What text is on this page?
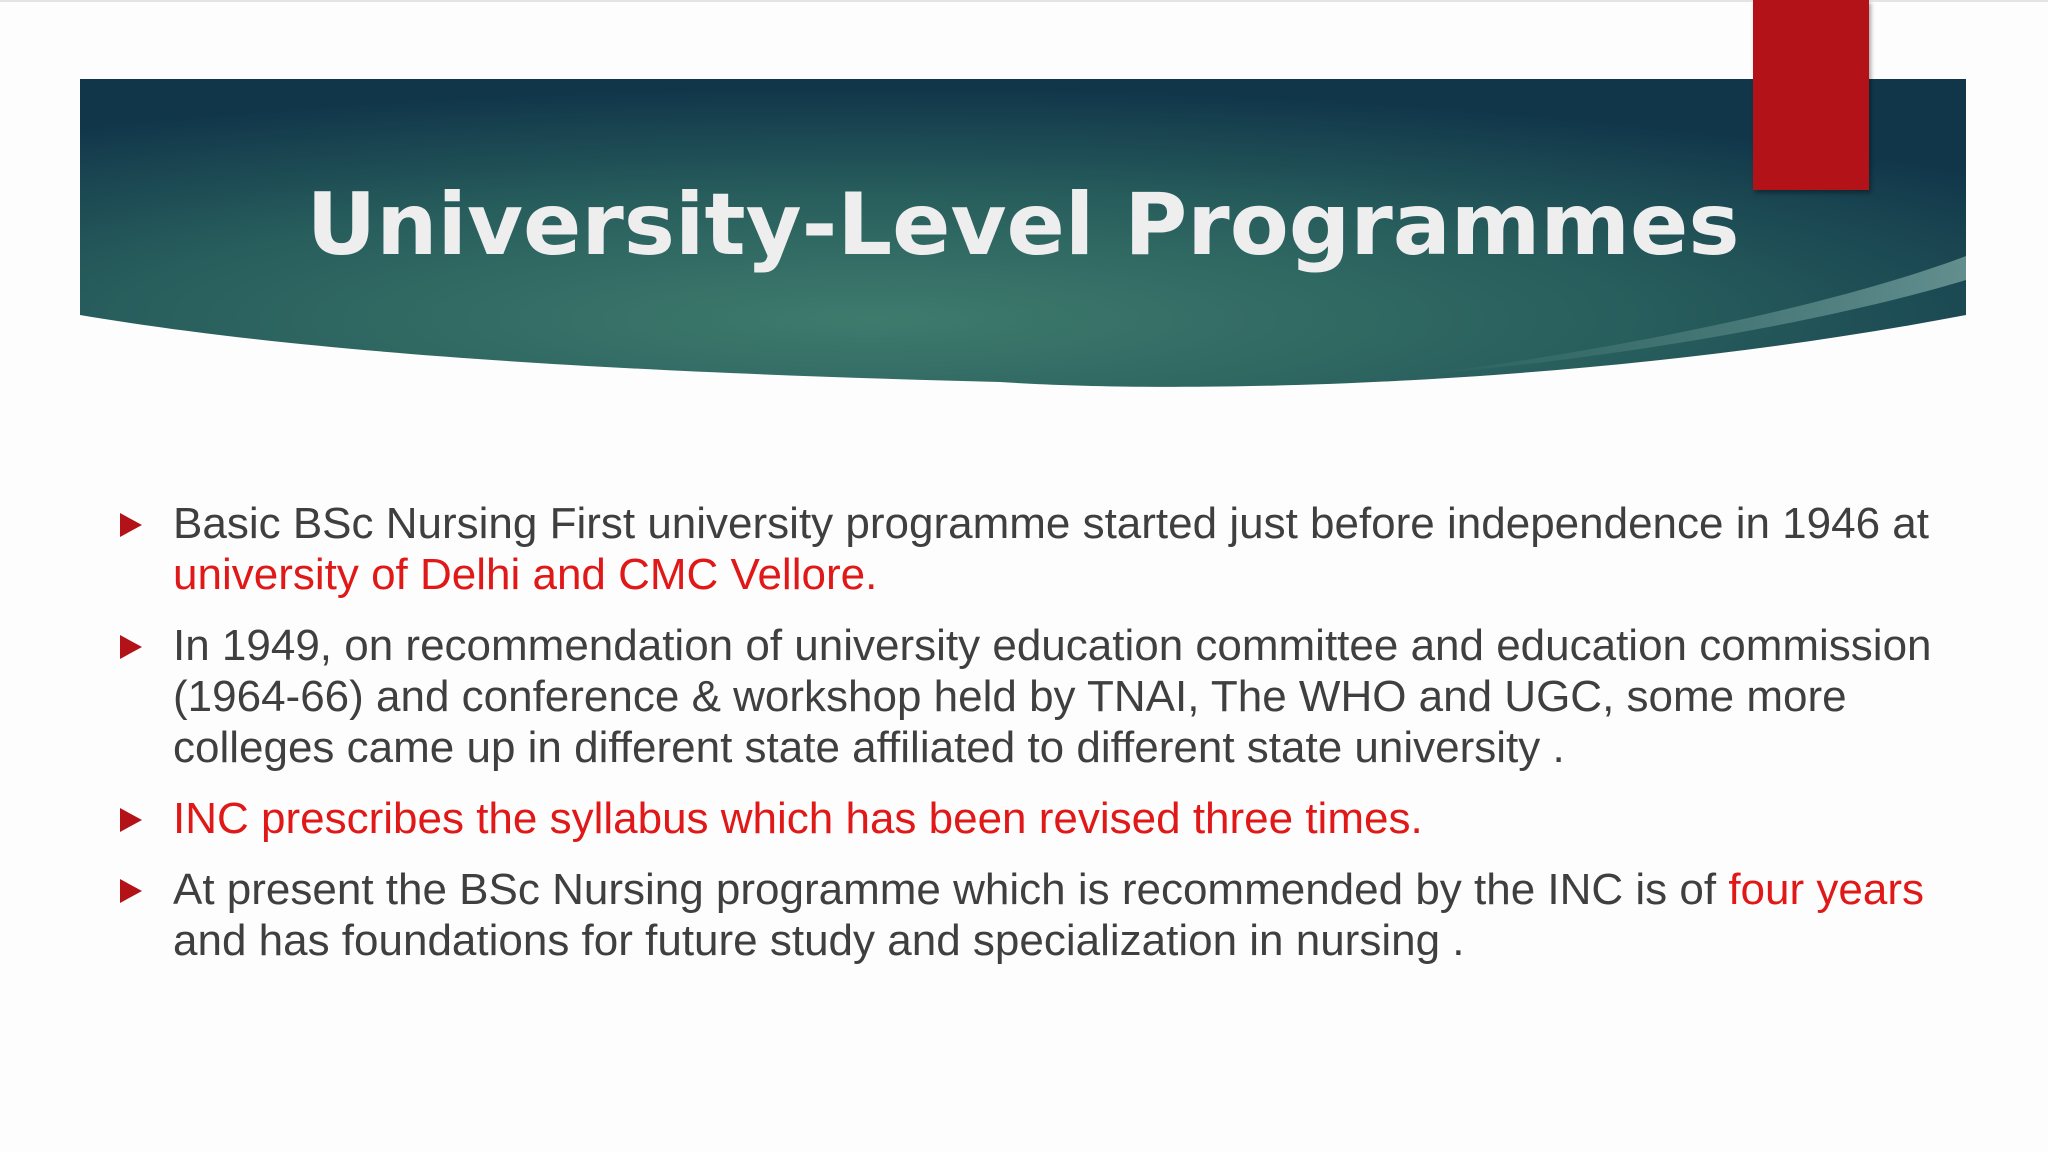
University-Level Programmes
Basic BSc Nursing First university programme started just before independence in 1946 at university of Delhi and CMC Vellore.
In 1949, on recommendation of university education committee and education commission (1964-66) and conference & workshop held by TNAI, The WHO and UGC, some more colleges came up in different state affiliated to different state university .
INC prescribes the syllabus which has been revised three times.
At present the BSc Nursing programme which is recommended by the INC is of four years and has foundations for future study and specialization in nursing .
